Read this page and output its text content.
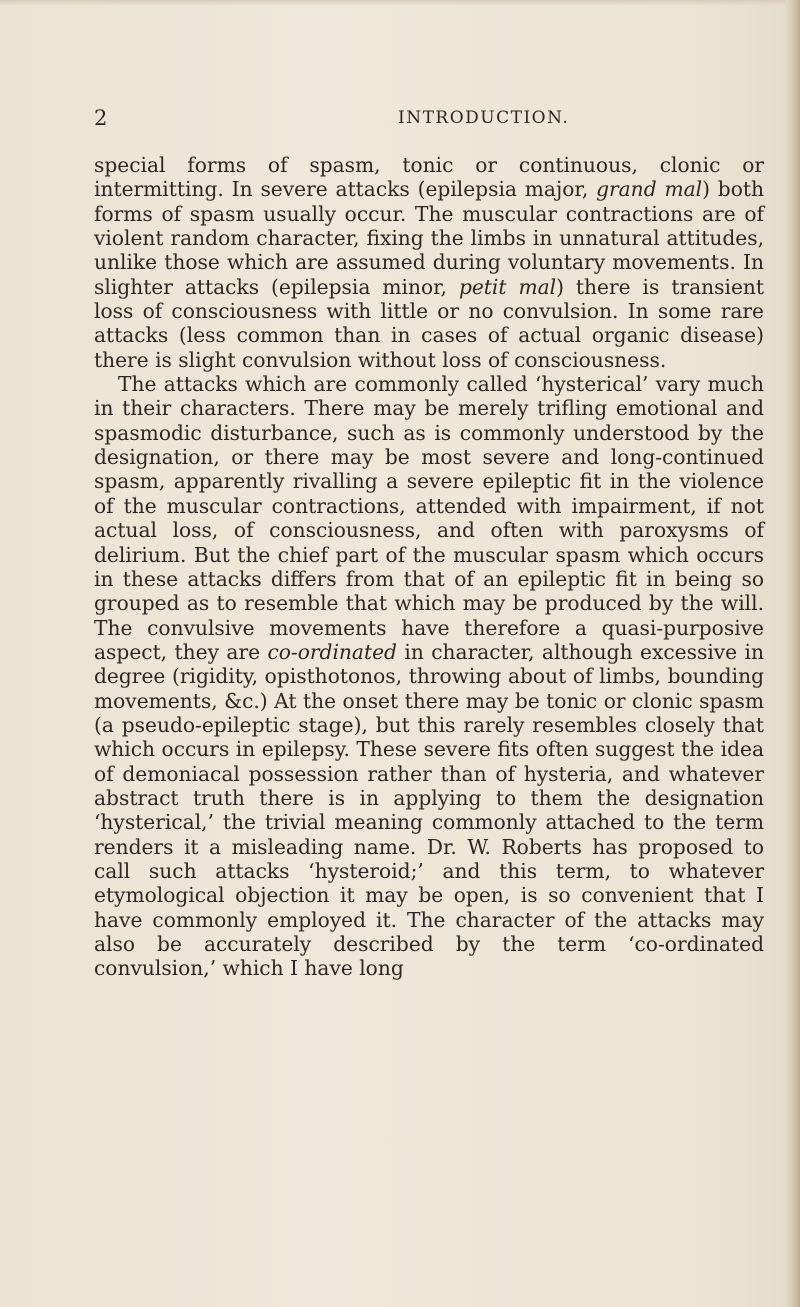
2	INTRODUCTION.

special forms of spasm, tonic or continuous, clonic or intermitting. In severe attacks (epilepsia major, grand mal) both forms of spasm usually occur. The muscular contractions are of violent random character, fixing the limbs in unnatural attitudes, unlike those which are assumed during voluntary movements. In slighter attacks (epilepsia minor, petit mal) there is transient loss of consciousness with little or no convulsion. In some rare attacks (less common than in cases of actual organic disease) there is slight convulsion without loss of consciousness.

The attacks which are commonly called ‘hysterical’ vary much in their characters. There may be merely trifling emotional and spasmodic disturbance, such as is commonly understood by the designation, or there may be most severe and long-continued spasm, apparently rivalling a severe epileptic fit in the violence of the muscular contractions, attended with impairment, if not actual loss, of consciousness, and often with paroxysms of delirium. But the chief part of the muscular spasm which occurs in these attacks differs from that of an epileptic fit in being so grouped as to resemble that which may be produced by the will. The convulsive movements have therefore a quasi-purposive aspect, they are co-ordinated in character, although excessive in degree (rigidity, opisthotonos, throwing about of limbs, bounding movements, &c.) At the onset there may be tonic or clonic spasm (a pseudo-epileptic stage), but this rarely resembles closely that which occurs in epilepsy. These severe fits often suggest the idea of demoniacal possession rather than of hysteria, and whatever abstract truth there is in applying to them the designation ‘hysterical,’ the trivial meaning commonly attached to the term renders it a misleading name. Dr. W. Roberts has proposed to call such attacks ‘hysteroid;’ and this term, to whatever etymological objection it may be open, is so convenient that I have commonly employed it. The character of the attacks may also be accurately described by the term ‘co-ordinated convulsion,’ which I have long
